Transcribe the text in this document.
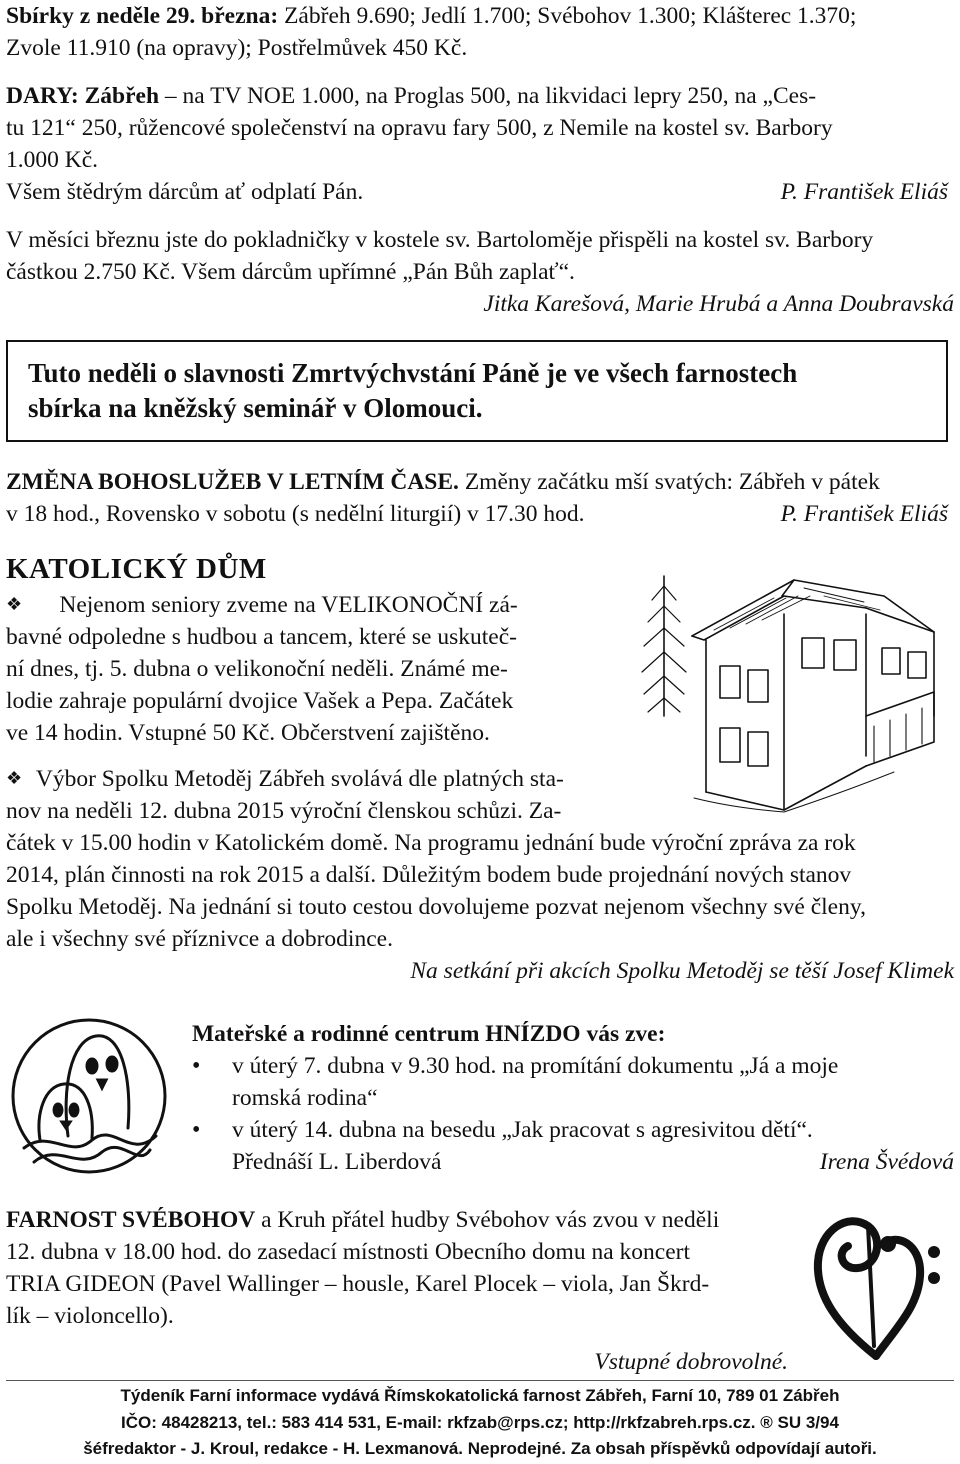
Sbírky z neděle 29. března: Zábřeh 9.690; Jedlí 1.700; Svébohov 1.300; Klášterec 1.370;
Zvole 11.910 (na opravy); Postřelmůvek 450 Kč.
DARY: Zábřeh – na TV NOE 1.000, na Proglas 500, na likvidaci lepry 250, na „Ces-
tu 121“ 250, růžencové společenství na opravu fary 500, z Nemile na kostel sv. Barbory
1.000 Kč.
Všem štědrým dárcům ať odplatí Pán.	P. František Eliáš
V měsíci březnu jste do pokladničky v kostele sv. Bartoloměje přispěli na kostel sv. Barbory
částkou 2.750 Kč. Všem dárcům upřímné „Pán Bůh zaplať“.
Jitka Karešová, Marie Hrubá a Anna Doubravská
Tuto neděli o slavnosti Zmrtvýchvstání Páně je ve všech farnostech
sbírka na kněžský seminář v Olomouci.
ZMĚNA BOHOSLUŽEB V LETNÍM ČASE. Změny začátku mší svatých: Zábřeh v pátek
v 18 hod., Rovensko v sobotu (s nedělní liturgií) v 17.30 hod.	P. František Eliáš
KATOLICKÝ DŮM
❖ Nejenom seniory zveme na VELIKONOČNÍ zá-
bavné odpoledne s hudbou a tancem, které se uskuteč-
ní dnes, tj. 5. dubna o velikonoční neděli. Známé me-
lodie zahraje populární dvojice Vašek a Pepa. Začátek
ve 14 hodin. Vstupné 50 Kč. Občerstvení zajištěno.
❖ Výbor Spolku Metoděj Zábřeh svolává dle platných sta-
nov na neděli 12. dubna 2015 výroční členskou schůzi. Za-
čátek v 15.00 hodin v Katolickém domě. Na programu jednání bude výroční zpráva za rok
2014, plán činnosti na rok 2015 a další. Důležitým bodem bude projednání nových stanov
Spolku Metoděj. Na jednání si touto cestou dovolujeme pozvat nejenom všechny své členy,
ale i všechny své příznivce a dobrodince.
Na setkání při akcích Spolku Metoděj se těší Josef Klimek
Mateřské a rodinné centrum HNÍZDO vás zve:
• v úterý 7. dubna v 9.30 hod. na promítání dokumentu „Já a moje
romská rodina“
• v úterý 14. dubna na besedu „Jak pracovat s agresivitou dětí“.
Přednáší L. Liberdová	Irena Švédová
FARNOST SVÉBOHOV a Kruh přátel hudby Svébohov vás zvou v neděli
12. dubna v 18.00 hod. do zasedací místnosti Obecního domu na koncert
TRIA GIDEON (Pavel Wallinger – housle, Karel Plocek – viola, Jan Škrd-
lík – violoncello).
Vstupné dobrovolné.
Týdeník Farní informace vydává Římskokatolická farnost Zábřeh, Farní 10, 789 01 Zábřeh
IČO: 48428213, tel.: 583 414 531, E-mail: rkfzab@rps.cz; http://rkfzabreh.rps.cz. ® SU 3/94
šéfredaktor - J. Kroul, redakce - H. Lexmanová. Neprodejné. Za obsah příspěvků odpovídají autoři.
